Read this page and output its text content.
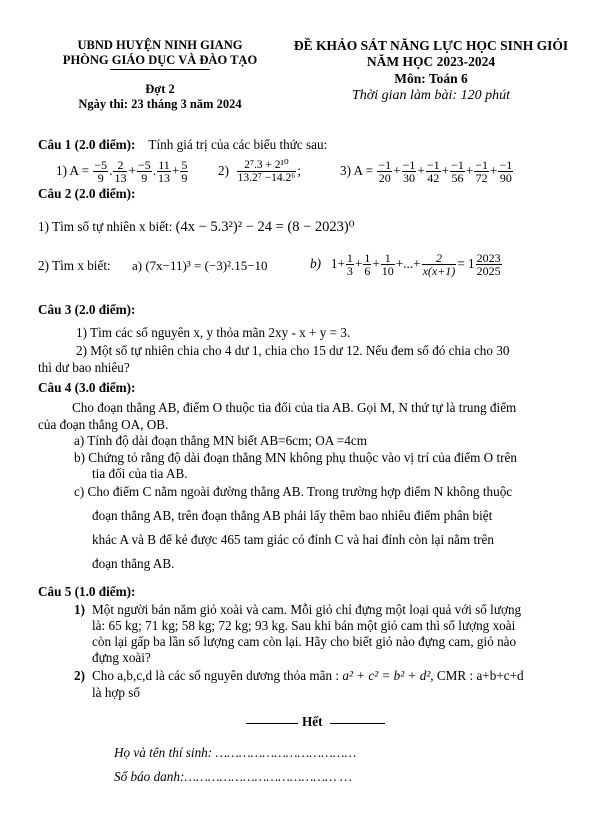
UBND HUYỆN NINH GIANG
PHÒNG GIÁO DỤC VÀ ĐÀO TẠO
Đợt 2
Ngày thi: 23 tháng 3 năm 2024
ĐỀ KHẢO SÁT NĂNG LỰC HỌC SINH GIỎI
NĂM HỌC 2023-2024
Môn: Toán 6
Thời gian làm bài: 120 phút
Câu 1 (2.0 điểm): Tính giá trị của các biểu thức sau:
1) $A = \frac{-5}{9}$ . $\frac{2}{13} + \frac{-5}{9}$ . $\frac{11}{13} + \frac{5}{9} 2) \frac{\text{2⁷.3 + 2¹⁰}}{\text{13.2⁷ −14.2⁶}}$ ;	3) $A = \frac{-1}{20} + \frac{-1}{30} + \frac{-1}{42} + \frac{-1}{56} + \frac{-1}{72} + \frac{-1}{90}$
Câu 2 (2.0 điểm):
1) Tìm số tự nhiên x biết: (4x − 5.3²)² − 24 = (8 − 2023)⁰
2) Tìm x biết: a) (7x−11)³ = (−3)².15−10	b) $1+ \frac{1}{3} + \frac{1}{6} + \frac{1}{10}$ +...+ $\frac{2}{x(x+1)} = 1 \frac{2023}{2025}$
Câu 3 (2.0 điểm):
1) Tìm các số nguyên x, y thỏa mãn 2xy - x + y = 3.
2) Một số tự nhiên chia cho 4 dư 1, chia cho 15 dư 12. Nếu đem số đó chia cho 30
thì dư bao nhiêu?
Câu 4 (3.0 điểm):
Cho đoạn thẳng AB, điểm O thuộc tia đối của tia AB. Gọi M, N thứ tự là trung điểm
của đoạn thẳng OA, OB.
a) Tính độ dài đoạn thẳng MN biết AB=6cm; OA =4cm
b) Chứng tỏ rằng độ dài đoạn thẳng MN không phụ thuộc vào vị trí của điểm O trên
tia đối của tia AB.
c) Cho điểm C nằm ngoài đường thẳng AB. Trong trường hợp điểm N không thuộc
đoạn thẳng AB, trên đoạn thẳng AB phải lấy thêm bao nhiêu điểm phân biệt
khác A và B để kẻ được 465 tam giác có đỉnh C và hai đỉnh còn lại nằm trên
đoạn thẳng AB.
Câu 5 (1.0 điểm):
1) Một người bán năm giỏ xoài và cam. Mỗi giỏ chỉ đựng một loại quả với số lượng
là: 65 kg; 71 kg; 58 kg; 72 kg; 93 kg. Sau khi bán một giỏ cam thì số lượng xoài
còn lại gấp ba lần số lượng cam còn lại. Hãy cho biết giỏ nào đựng cam, giỏ nào
đựng xoài?
2) Cho a,b,c,d là các số nguyên dương thỏa mãn : a² + c² = b² + d², CMR : a+b+c+d
là hợp số
Hết
Họ và tên thí sinh: ………………………………
Số báo danh:………………………………… …
